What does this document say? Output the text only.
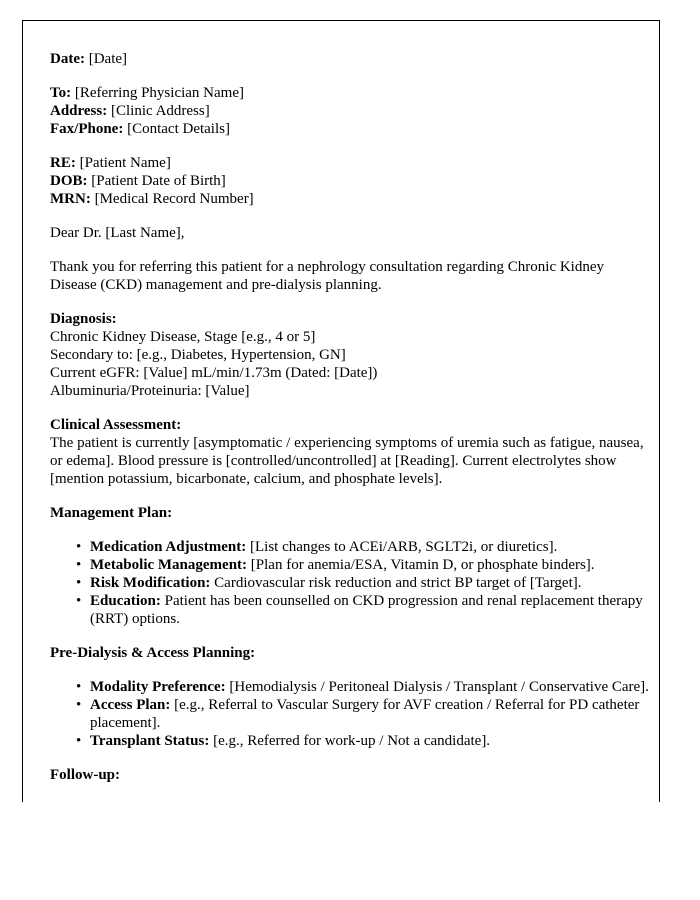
Date: [Date]
To: [Referring Physician Name]
Address: [Clinic Address]
Fax/Phone: [Contact Details]
RE: [Patient Name]
DOB: [Patient Date of Birth]
MRN: [Medical Record Number]
Dear Dr. [Last Name],
Thank you for referring this patient for a nephrology consultation regarding Chronic Kidney Disease (CKD) management and pre-dialysis planning.
Diagnosis:
Chronic Kidney Disease, Stage [e.g., 4 or 5]
Secondary to: [e.g., Diabetes, Hypertension, GN]
Current eGFR: [Value] mL/min/1.73m (Dated: [Date])
Albuminuria/Proteinuria: [Value]
Clinical Assessment:
The patient is currently [asymptomatic / experiencing symptoms of uremia such as fatigue, nausea, or edema]. Blood pressure is [controlled/uncontrolled] at [Reading]. Current electrolytes show [mention potassium, bicarbonate, calcium, and phosphate levels].
Management Plan:
• Medication Adjustment: [List changes to ACEi/ARB, SGLT2i, or diuretics].
• Metabolic Management: [Plan for anemia/ESA, Vitamin D, or phosphate binders].
• Risk Modification: Cardiovascular risk reduction and strict BP target of [Target].
• Education: Patient has been counselled on CKD progression and renal replacement therapy (RRT) options.
Pre-Dialysis & Access Planning:
• Modality Preference: [Hemodialysis / Peritoneal Dialysis / Transplant / Conservative Care].
• Access Plan: [e.g., Referral to Vascular Surgery for AVF creation / Referral for PD catheter placement].
• Transplant Status: [e.g., Referred for work-up / Not a candidate].
Follow-up:
